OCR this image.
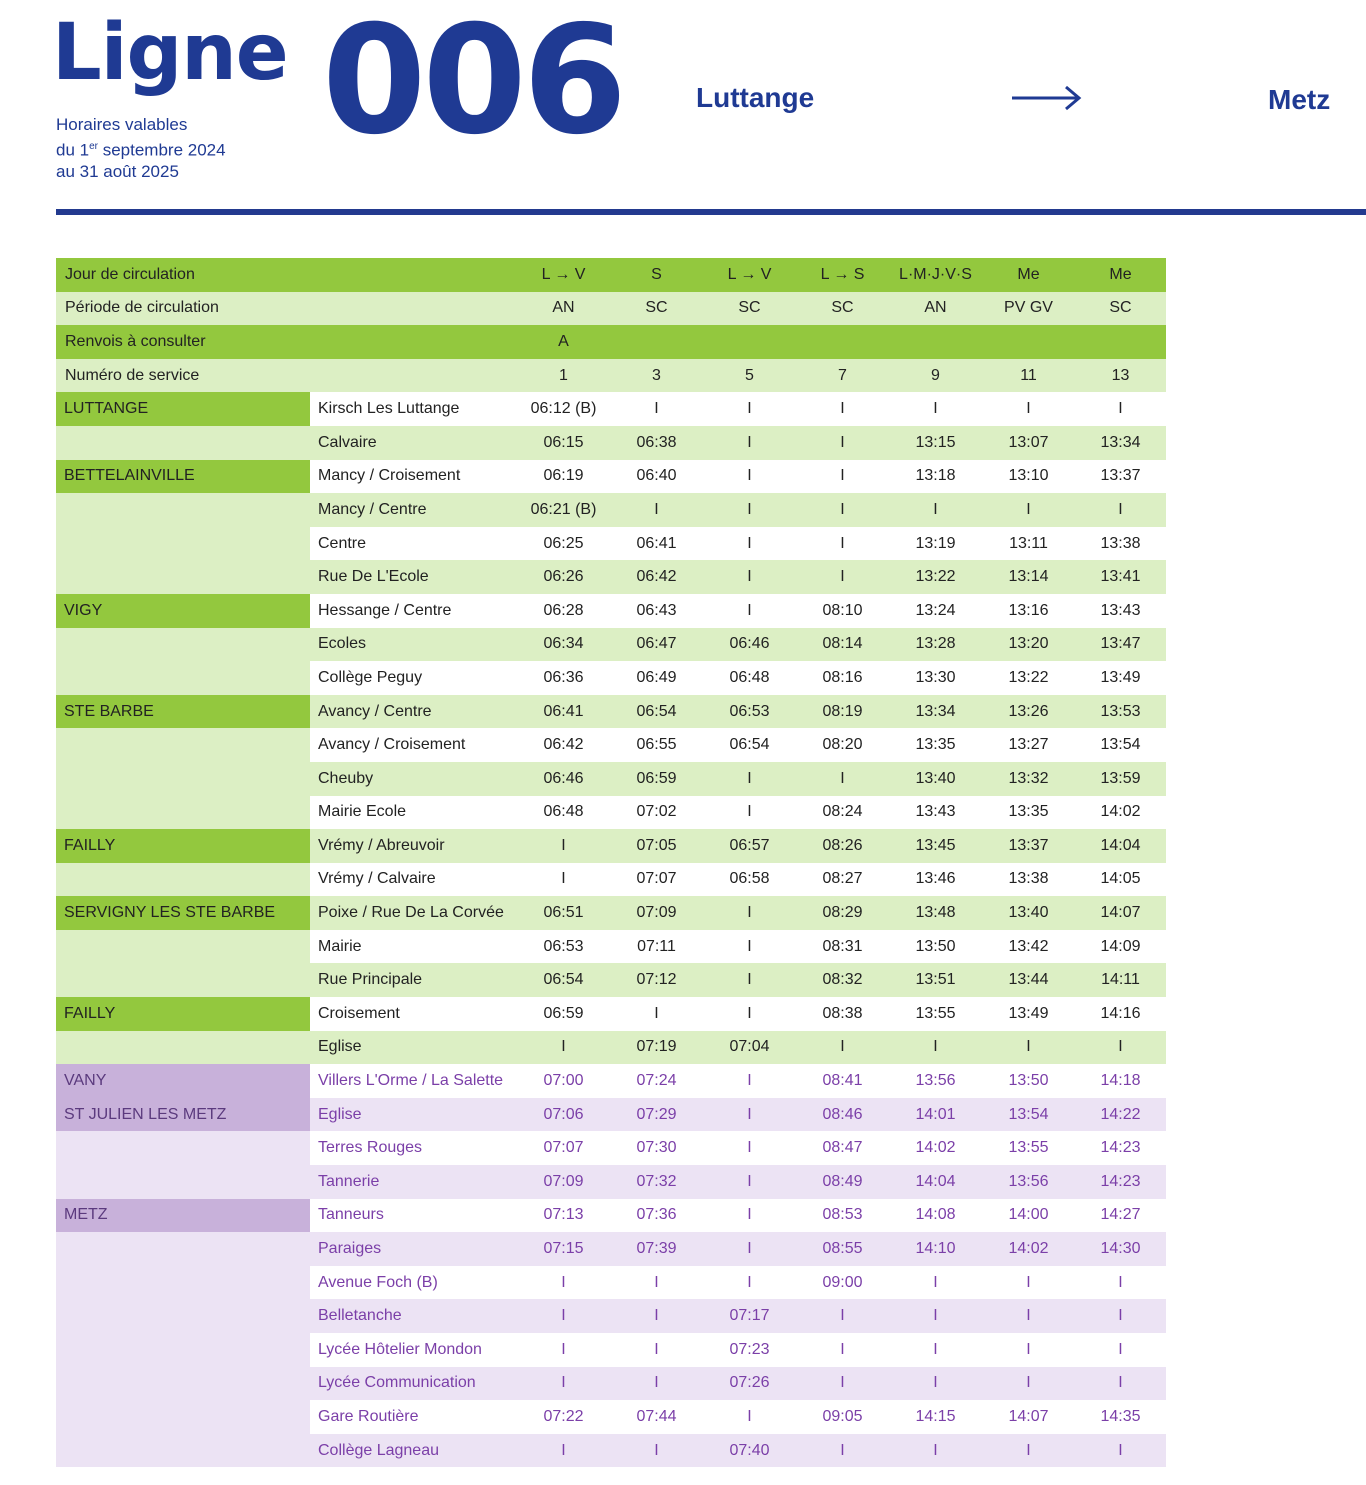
Ligne
Horaires valables
du 1er septembre 2024
au 31 août 2025
006	Luttange	Metz
Jour de circulation		L → V	S	L → V	L → S	L·M·J·V·S	Me	Me
Période de circulation		AN	SC	SC	SC	AN	PV GV	SC
Renvois à consulter		A						
Numéro de service		1	3	5	7	9	11	13
LUTTANGE	Kirsch Les Luttange	06:12 (B)	I	I	I	I	I	I
	Calvaire	06:15	06:38	I	I	13:15	13:07	13:34
BETTELAINVILLE	Mancy / Croisement	06:19	06:40	I	I	13:18	13:10	13:37
	Mancy / Centre	06:21 (B)	I	I	I	I	I	I
	Centre	06:25	06:41	I	I	13:19	13:11	13:38
	Rue De L'Ecole	06:26	06:42	I	I	13:22	13:14	13:41
VIGY	Hessange / Centre	06:28	06:43	I	08:10	13:24	13:16	13:43
	Ecoles	06:34	06:47	06:46	08:14	13:28	13:20	13:47
	Collège Peguy	06:36	06:49	06:48	08:16	13:30	13:22	13:49
STE BARBE	Avancy / Centre	06:41	06:54	06:53	08:19	13:34	13:26	13:53
	Avancy / Croisement	06:42	06:55	06:54	08:20	13:35	13:27	13:54
	Cheuby	06:46	06:59	I	I	13:40	13:32	13:59
	Mairie Ecole	06:48	07:02	I	08:24	13:43	13:35	14:02
FAILLY	Vrémy / Abreuvoir	I	07:05	06:57	08:26	13:45	13:37	14:04
	Vrémy / Calvaire	I	07:07	06:58	08:27	13:46	13:38	14:05
SERVIGNY LES STE BARBE	Poixe / Rue De La Corvée	06:51	07:09	I	08:29	13:48	13:40	14:07
	Mairie	06:53	07:11	I	08:31	13:50	13:42	14:09
	Rue Principale	06:54	07:12	I	08:32	13:51	13:44	14:11
FAILLY	Croisement	06:59	I	I	08:38	13:55	13:49	14:16
	Eglise	I	07:19	07:04	I	I	I	I
VANY	Villers L'Orme / La Salette	07:00	07:24	I	08:41	13:56	13:50	14:18
ST JULIEN LES METZ	Eglise	07:06	07:29	I	08:46	14:01	13:54	14:22
	Terres Rouges	07:07	07:30	I	08:47	14:02	13:55	14:23
	Tannerie	07:09	07:32	I	08:49	14:04	13:56	14:23
METZ	Tanneurs	07:13	07:36	I	08:53	14:08	14:00	14:27
	Paraiges	07:15	07:39	I	08:55	14:10	14:02	14:30
	Avenue Foch (B)	I	I	I	09:00	I	I	I
	Belletanche	I	I	07:17	I	I	I	I
	Lycée Hôtelier Mondon	I	I	07:23	I	I	I	I
	Lycée Communication	I	I	07:26	I	I	I	I
	Gare Routière	07:22	07:44	I	09:05	14:15	14:07	14:35
	Collège Lagneau	I	I	07:40	I	I	I	I
